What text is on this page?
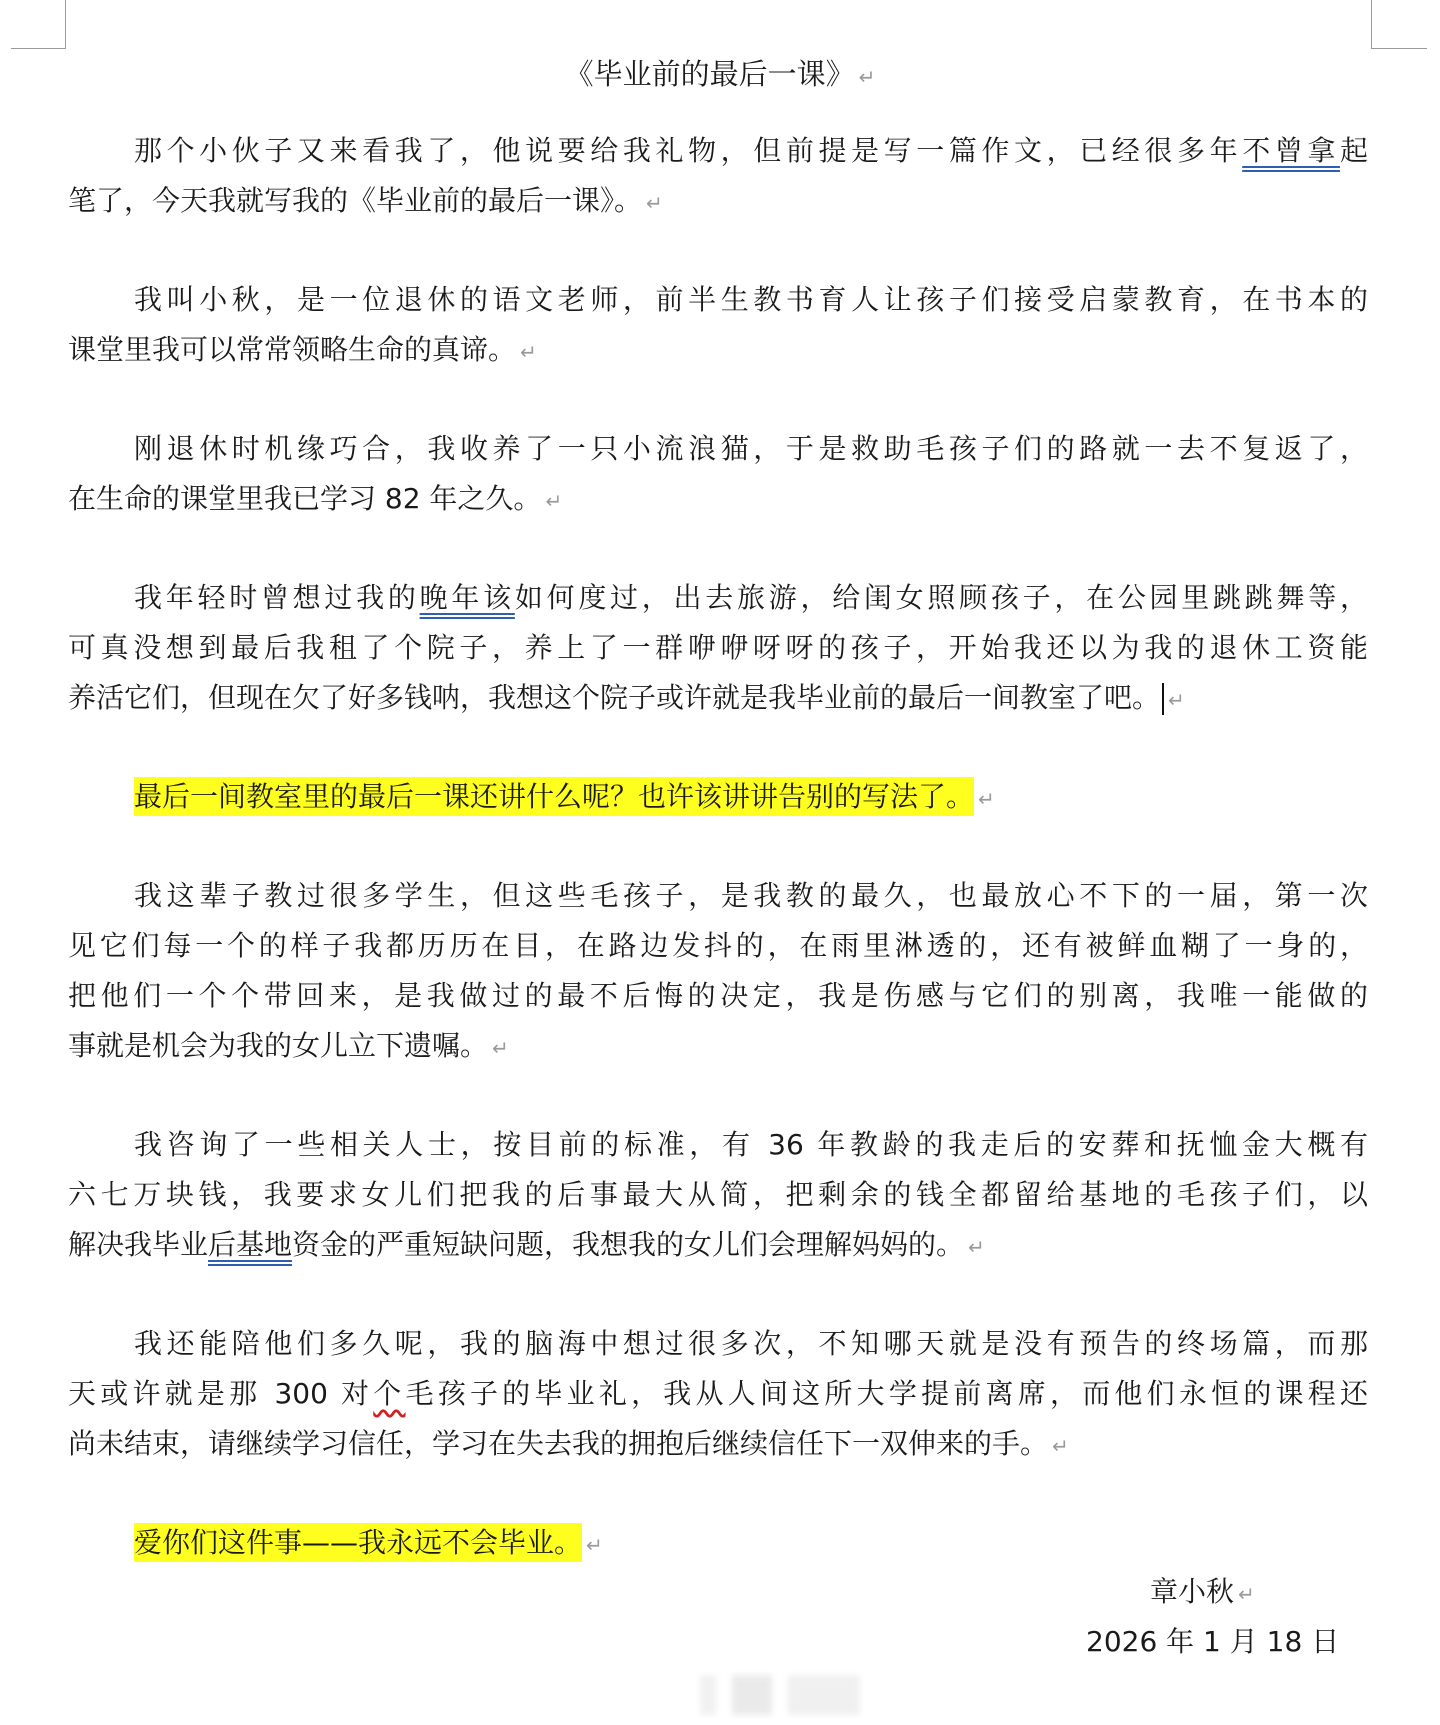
《毕业前的最后一课》 ↵
那个小伙子又来看我了，他说要给我礼物，但前提是写一篇作文，已经很多年不曾拿起
笔了，今天我就写我的《毕业前的最后一课》。 ↵
我叫小秋，是一位退休的语文老师，前半生教书育人让孩子们接受启蒙教育，在书本的
课堂里我可以常常领略生命的真谛。 ↵
刚退休时机缘巧合，我收养了一只小流浪猫，于是救助毛孩子们的路就一去不复返了，
在生命的课堂里我已学习 82 年之久。 ↵
我年轻时曾想过我的晚年该如何度过，出去旅游，给闺女照顾孩子，在公园里跳跳舞等，
可真没想到最后我租了个院子，养上了一群咿咿呀呀的孩子，开始我还以为我的退休工资能
养活它们，但现在欠了好多钱呐，我想这个院子或许就是我毕业前的最后一间教室了吧。 ↵
最后一间教室里的最后一课还讲什么呢？也许该讲讲告别的写法了。 ↵
我这辈子教过很多学生，但这些毛孩子，是我教的最久，也最放心不下的一届，第一次
见它们每一个的样子我都历历在目，在路边发抖的，在雨里淋透的，还有被鲜血糊了一身的，
把他们一个个带回来，是我做过的最不后悔的决定，我是伤感与它们的别离，我唯一能做的
事就是机会为我的女儿立下遗嘱。 ↵
我咨询了一些相关人士，按目前的标准，有 36 年教龄的我走后的安葬和抚恤金大概有
六七万块钱，我要求女儿们把我的后事最大从简，把剩余的钱全都留给基地的毛孩子们，以
解决我毕业后基地资金的严重短缺问题，我想我的女儿们会理解妈妈的。 ↵
我还能陪他们多久呢，我的脑海中想过很多次，不知哪天就是没有预告的终场篇，而那
天或许就是那 300 对个毛孩子的毕业礼，我从人间这所大学提前离席，而他们永恒的课程还
尚未结束，请继续学习信任，学习在失去我的拥抱后继续信任下一双伸来的手。 ↵
爱你们这件事——我永远不会毕业。 ↵
章小秋 ↵
2026 年 1 月 18 日
